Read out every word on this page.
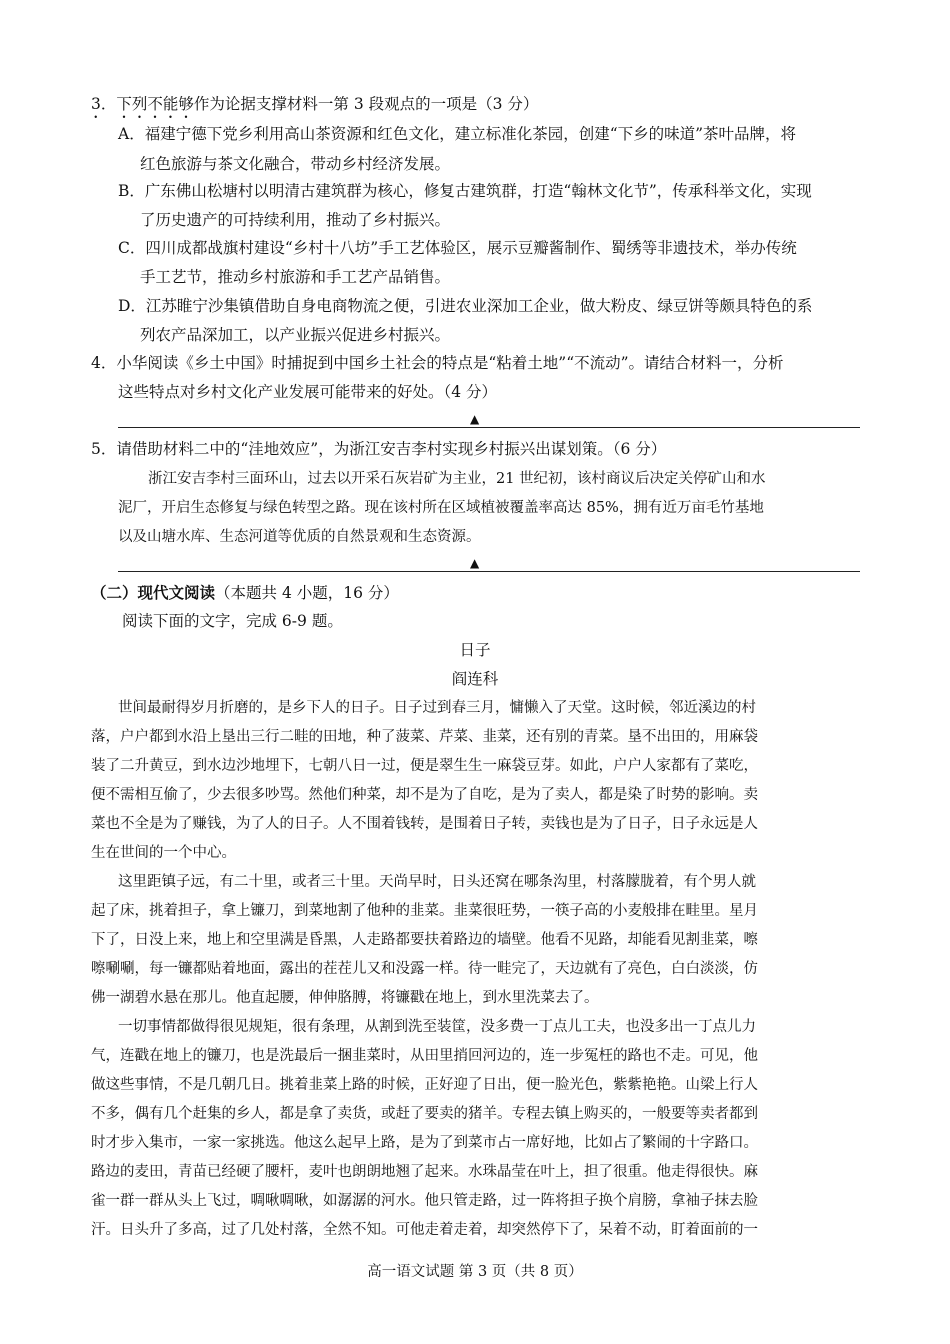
3．下列不能够作为论据支撑材料一第 3 段观点的一项是（3 分）
A．福建宁德下党乡利用高山茶资源和红色文化，建立标准化茶园，创建“下乡的味道”茶叶品牌，将
红色旅游与茶文化融合，带动乡村经济发展。
B．广东佛山松塘村以明清古建筑群为核心，修复古建筑群，打造“翰林文化节”，传承科举文化，实现
了历史遗产的可持续利用，推动了乡村振兴。
C．四川成都战旗村建设“乡村十八坊”手工艺体验区，展示豆瓣酱制作、蜀绣等非遗技术，举办传统
手工艺节，推动乡村旅游和手工艺产品销售。
D．江苏睢宁沙集镇借助自身电商物流之便，引进农业深加工企业，做大粉皮、绿豆饼等颇具特色的系
列农产品深加工，以产业振兴促进乡村振兴。
4．小华阅读《乡土中国》时捕捉到中国乡土社会的特点是“粘着土地”“不流动”。请结合材料一，分析
这些特点对乡村文化产业发展可能带来的好处。（4 分）
▲
5．请借助材料二中的“洼地效应”，为浙江安吉李村实现乡村振兴出谋划策。（6 分）
浙江安吉李村三面环山，过去以开采石灰岩矿为主业，21 世纪初，该村商议后决定关停矿山和水
泥厂，开启生态修复与绿色转型之路。现在该村所在区域植被覆盖率高达 85%，拥有近万亩毛竹基地
以及山塘水库、生态河道等优质的自然景观和生态资源。
▲
（二）现代文阅读（本题共 4 小题，16 分）
阅读下面的文字，完成 6-9 题。
日子
阎连科
世间最耐得岁月折磨的，是乡下人的日子。日子过到春三月，慵懒入了天堂。这时候，邻近溪边的村
落，户户都到水沿上垦出三行二畦的田地，种了菠菜、芹菜、韭菜，还有别的青菜。垦不出田的，用麻袋
装了二升黄豆，到水边沙地埋下，七朝八日一过，便是翠生生一麻袋豆芽。如此，户户人家都有了菜吃，
便不需相互偷了，少去很多吵骂。然他们种菜，却不是为了自吃，是为了卖人，都是染了时势的影响。卖
菜也不全是为了赚钱，为了人的日子。人不围着钱转，是围着日子转，卖钱也是为了日子，日子永远是人
生在世间的一个中心。
这里距镇子远，有二十里，或者三十里。天尚早时，日头还窝在哪条沟里，村落朦胧着，有个男人就
起了床，挑着担子，拿上镰刀，到菜地割了他种的韭菜。韭菜很旺势，一筷子高的小麦般排在畦里。星月
下了，日没上来，地上和空里满是昏黑，人走路都要扶着路边的墙壁。他看不见路，却能看见割韭菜，嚓
嚓唰唰，每一镰都贴着地面，露出的茬茬儿又和没露一样。待一畦完了，天边就有了亮色，白白淡淡，仿
佛一湖碧水悬在那儿。他直起腰，伸伸胳膊，将镰戳在地上，到水里洗菜去了。
一切事情都做得很见规矩，很有条理，从割到洗至装筐，没多费一丁点儿工夫，也没多出一丁点儿力
气，连戳在地上的镰刀，也是洗最后一捆韭菜时，从田里捎回河边的，连一步冤枉的路也不走。可见，他
做这些事情，不是几朝几日。挑着韭菜上路的时候，正好迎了日出，便一脸光色，紫紫艳艳。山梁上行人
不多，偶有几个赶集的乡人，都是拿了卖货，或赶了要卖的猪羊。专程去镇上购买的，一般要等卖者都到
时才步入集市，一家一家挑选。他这么起早上路，是为了到菜市占一席好地，比如占了繁闹的十字路口。
路边的麦田，青苗已经硬了腰杆，麦叶也朗朗地翘了起来。水珠晶莹在叶上，担了很重。他走得很快。麻
雀一群一群从头上飞过，啁啾啁啾，如潺潺的河水。他只管走路，过一阵将担子换个肩膀，拿袖子抹去脸
汗。日头升了多高，过了几处村落，全然不知。可他走着走着，却突然停下了，呆着不动，盯着面前的一
高一语文试题 第 3 页（共 8 页）
